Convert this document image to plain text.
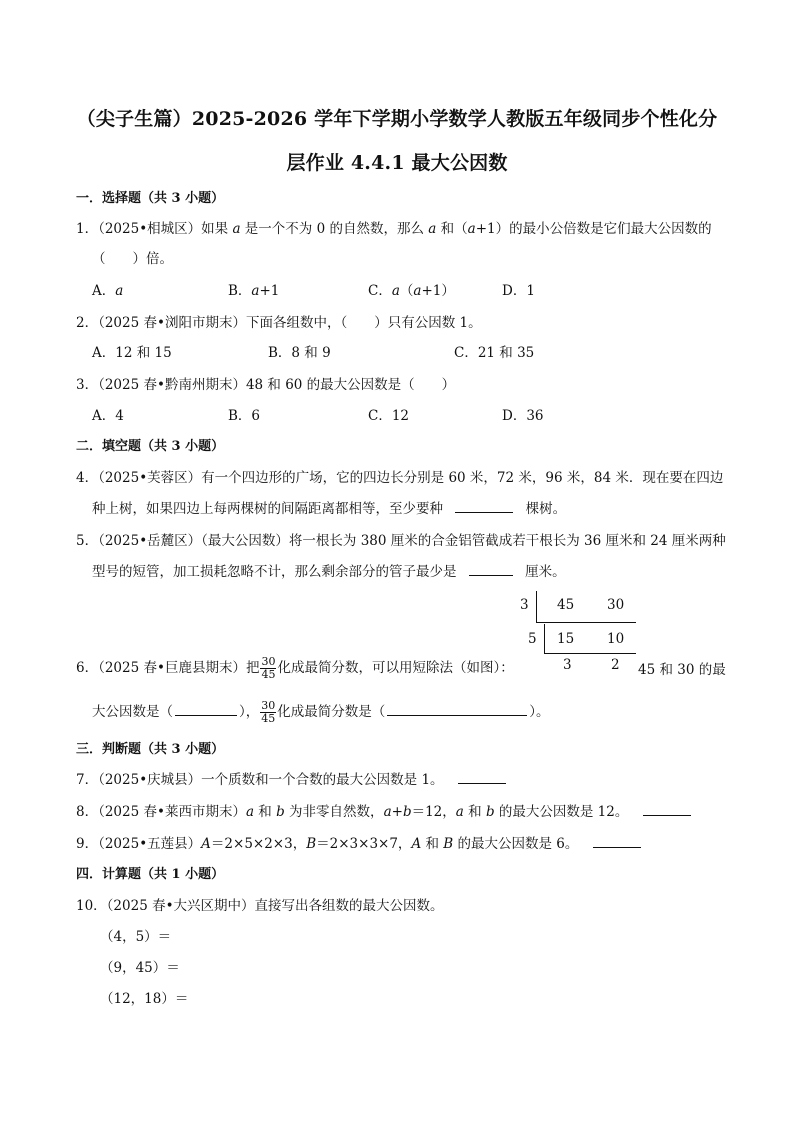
（尖子生篇）2025-2026 学年下学期小学数学人教版五年级同步个性化分
层作业 4.4.1 最大公因数
一．选择题（共 3 小题）
1．（2025•相城区）如果 a 是一个不为 0 的自然数，那么 a 和（a+1）的最小公倍数是它们最大公因数的
（　　）倍。
A．a	B．a+1	C．a（a+1）	D．1
2．（2025 春•浏阳市期末）下面各组数中，（　　）只有公因数 1。
A．12 和 15	B．8 和 9	C．21 和 35
3．（2025 春•黔南州期末）48 和 60 的最大公因数是（　　）
A．4	B．6	C．12	D．36
二．填空题（共 3 小题）
4．（2025•芙蓉区）有一个四边形的广场，它的四边长分别是 60 米，72 米，96 米，84 米．现在要在四边
种上树，如果四边上每两棵树的间隔距离都相等，至少要种	棵树。
5．（2025•岳麓区）（最大公因数）将一根长为 380 厘米的合金铝管截成若干根长为 36 厘米和 24 厘米两种
型号的短管，加工损耗忽略不计，那么剩余部分的管子最少是	厘米。
3 45 30
5 15 10
3	2
6．（2025 春•巨鹿县期末）把 $\frac{30}{45}$ 化成最简分数，可以用短除法（如图）：	45 和 30 的最
大公因数是（	）， $\frac{30}{45}$ 化成最简分数是（	）。
三．判断题（共 3 小题）
7．（2025•庆城县）一个质数和一个合数的最大公因数是 1。
8．（2025 春•莱西市期末）a 和 b 为非零自然数，a+b＝12，a 和 b 的最大公因数是 12。
9．（2025•五莲县）A＝2×5×2×3，B＝2×3×3×7，A 和 B 的最大公因数是 6。
四．计算题（共 1 小题）
10．（2025 春•大兴区期中）直接写出各组数的最大公因数。
（4，5）＝
（9，45）＝
（12，18）＝
